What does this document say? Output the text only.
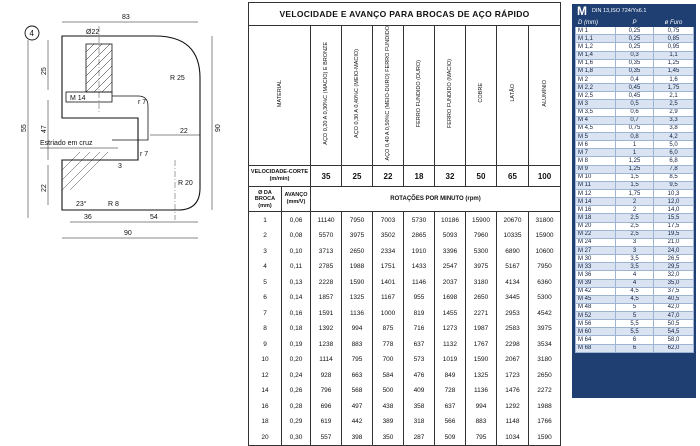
4
83
Ø22
25
55 47
22
90
M 14
R 25
r 7
22
r 7
R 20
3
23°	R 8
36	54
90
Estriado em cruz
VELOCIDADE E AVANÇO PARA BROCAS DE AÇO RÁPIDO									
MATERIAL		AÇO 0,20 A 0,30%C (MACIO) E BRONZE	AÇO 0,30 A 0,40%C (MEIO-MACIO)	AÇO 0,40 A 0,50%C (MEIO-DURO) FERRO FUNDIDO	FERRO FUNDIDO (DURO)	FERRO FUNDIDO (MACIO)	COBRE	LATÃO	ALUMÍNIO
VELOCIDADE-CORTE (m/min)		35	25	22	18	32	50	65	100
Ø DA BROCA (mm)	AVANÇO (mm/V)	ROTAÇÕES POR MINUTO (rpm)							
1	0,06	11140	7950	7003	5730	10186	15900	20670	31800
2	0,08	5570	3975	3502	2865	5093	7960	10335	15900
3	0,10	3713	2650	2334	1910	3396	5300	6890	10600
4	0,11	2785	1988	1751	1433	2547	3975	5167	7950
5	0,13	2228	1590	1401	1146	2037	3180	4134	6360
6	0,14	1857	1325	1167	955	1698	2650	3445	5300
7	0,16	1591	1136	1000	819	1455	2271	2953	4542
8	0,18	1392	994	875	716	1273	1987	2583	3975
9	0,19	1238	883	778	637	1132	1767	2298	3534
10	0,20	1114	795	700	573	1019	1590	2067	3180
12	0,24	928	663	584	476	849	1325	1723	2650
14	0,26	796	568	500	409	728	1136	1476	2272
16	0,28	696	497	438	358	637	994	1292	1988
18	0,29	619	442	389	318	566	883	1148	1766
20	0,30	557	398	350	287	509	795	1034	1590
M DIN 13,ISO 724/Ys6.1
D (mm)	P	ø Furo
M 1	0,25	0,75
M 1,1	0,25	0,85
M 1,2	0,25	0,95
M 1,4	0,3	1,1
M 1,6	0,35	1,25
M 1,8	0,35	1,45
M 2	0,4	1,6
M 2,2	0,45	1,75
M 2,5	0,45	2,1
M 3	0,5	2,5
M 3,5	0,6	2,9
M 4	0,7	3,3
M 4,5	0,75	3,8
M 5	0,8	4,2
M 6	1	5,0
M 7	1	6,0
M 8	1,25	6,8
M 9	1,25	7,8
M 10	1,5	8,5
M 11	1,5	9,5
M 12	1,75	10,3
M 14	2	12,0
M 16	2	14,0
M 18	2,5	15,5
M 20	2,5	17,5
M 22	2,5	19,5
M 24	3	21,0
M 27	3	24,0
M 30	3,5	26,5
M 33	3,5	29,5
M 36	4	32,0
M 39	4	35,0
M 42	4,5	37,5
M 45	4,5	40,5
M 48	5	42,0
M 52	5	47,0
M 56	5,5	50,5
M 60	5,5	54,5
M 64	6	58,0
M 68	6	62,0
